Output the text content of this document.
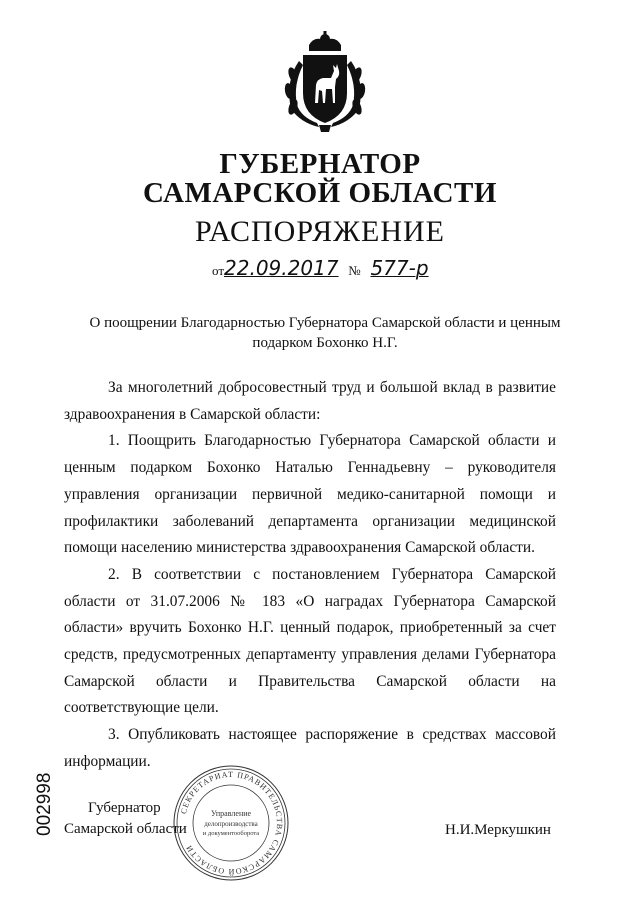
ГУБЕРНАТОР
САМАРСКОЙ ОБЛАСТИ
РАСПОРЯЖЕНИЕ
от22.09.2017 № 577-р
О поощрении Благодарностью Губернатора Самарской области и ценным подарком Бохонко Н.Г.

За многолетний добросовестный труд и большой вклад в развитие здравоохранения в Самарской области:

1. Поощрить Благодарностью Губернатора Самарской области и ценным подарком Бохонко Наталью Геннадьевну – руководителя управления организации первичной медико-санитарной помощи и профилактики заболеваний департамента организации медицинской помощи населению министерства здравоохранения Самарской области.

2. В соответствии с постановлением Губернатора Самарской области от 31.07.2006 № 183 «О наградах Губернатора Самарской области» вручить Бохонко Н.Г. ценный подарок, приобретенный за счет средств, предусмотренных департаменту управления делами Губернатора Самарской области и Правительства Самарской области на соответствующие цели.

3. Опубликовать настоящее распоряжение в средствах массовой информации.

002998 Губернатор
Самарской области	Н.И.Меркушкин
СЕКРЕТАРИАТ ПРАВИТЕЛЬСТВА САМАРСКОЙ ОБЛАСТИ
Управление
делопроизводства
и документооборота
